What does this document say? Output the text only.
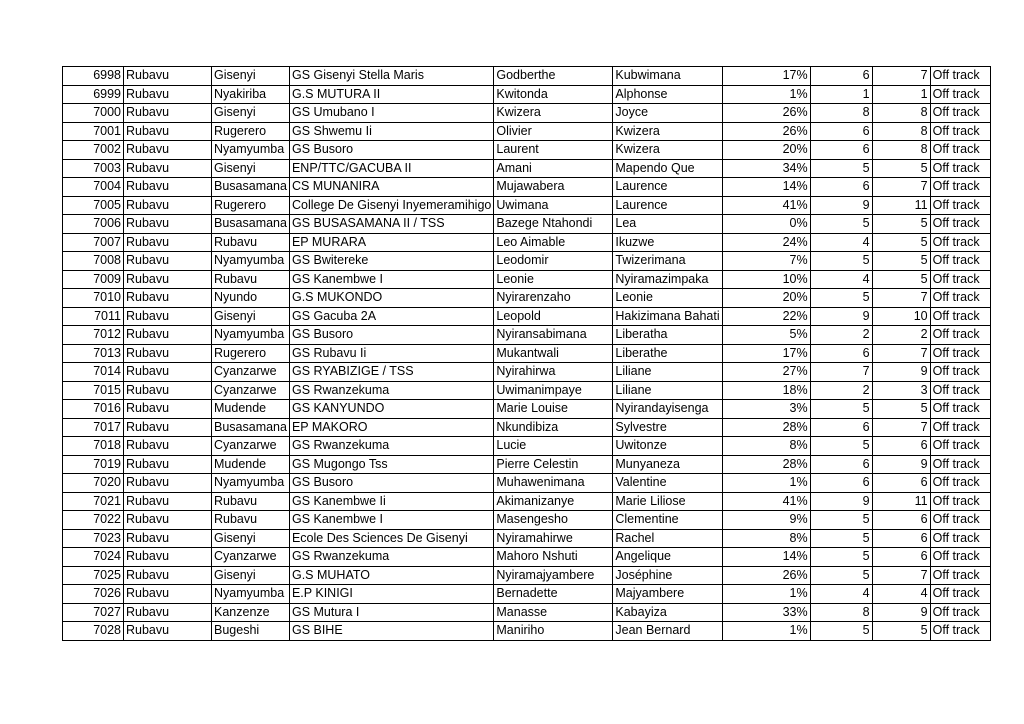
6998	Rubavu	Gisenyi	GS Gisenyi Stella Maris	Godberthe	Kubwimana	17%	6	7	Off track
6999	Rubavu	Nyakiriba	G.S MUTURA II	Kwitonda	Alphonse	1%	1	1	Off track
7000	Rubavu	Gisenyi	GS Umubano I	Kwizera	Joyce	26%	8	8	Off track
7001	Rubavu	Rugerero	GS Shwemu Ii	Olivier	Kwizera	26%	6	8	Off track
7002	Rubavu	Nyamyumba	GS Busoro	Laurent	Kwizera	20%	6	8	Off track
7003	Rubavu	Gisenyi	ENP/TTC/GACUBA II	Amani	Mapendo Que	34%	5	5	Off track
7004	Rubavu	Busasamana	CS MUNANIRA	Mujawabera	Laurence	14%	6	7	Off track
7005	Rubavu	Rugerero	College De Gisenyi Inyemeramihigo	Uwimana	Laurence	41%	9	11	Off track
7006	Rubavu	Busasamana	GS BUSASAMANA II / TSS	Bazege Ntahondi	Lea	0%	5	5	Off track
7007	Rubavu	Rubavu	EP MURARA	Leo Aimable	Ikuzwe	24%	4	5	Off track
7008	Rubavu	Nyamyumba	GS Bwitereke	Leodomir	Twizerimana	7%	5	5	Off track
7009	Rubavu	Rubavu	GS Kanembwe I	Leonie	Nyiramazimpaka	10%	4	5	Off track
7010	Rubavu	Nyundo	G.S MUKONDO	Nyirarenzaho	Leonie	20%	5	7	Off track
7011	Rubavu	Gisenyi	GS Gacuba 2A	Leopold	Hakizimana Bahati	22%	9	10	Off track
7012	Rubavu	Nyamyumba	GS Busoro	Nyiransabimana	Liberatha	5%	2	2	Off track
7013	Rubavu	Rugerero	GS Rubavu Ii	Mukantwali	Liberathe	17%	6	7	Off track
7014	Rubavu	Cyanzarwe	GS RYABIZIGE / TSS	Nyirahirwa	Liliane	27%	7	9	Off track
7015	Rubavu	Cyanzarwe	GS Rwanzekuma	Uwimanimpaye	Liliane	18%	2	3	Off track
7016	Rubavu	Mudende	GS KANYUNDO	Marie Louise	Nyirandayisenga	3%	5	5	Off track
7017	Rubavu	Busasamana	EP MAKORO	Nkundibiza	Sylvestre	28%	6	7	Off track
7018	Rubavu	Cyanzarwe	GS Rwanzekuma	Lucie	Uwitonze	8%	5	6	Off track
7019	Rubavu	Mudende	GS Mugongo Tss	Pierre Celestin	Munyaneza	28%	6	9	Off track
7020	Rubavu	Nyamyumba	GS Busoro	Muhawenimana	Valentine	1%	6	6	Off track
7021	Rubavu	Rubavu	GS Kanembwe Ii	Akimanizanye	Marie Liliose	41%	9	11	Off track
7022	Rubavu	Rubavu	GS Kanembwe I	Masengesho	Clementine	9%	5	6	Off track
7023	Rubavu	Gisenyi	Ecole Des Sciences De Gisenyi	Nyiramahirwe	Rachel	8%	5	6	Off track
7024	Rubavu	Cyanzarwe	GS Rwanzekuma	Mahoro Nshuti	Angelique	14%	5	6	Off track
7025	Rubavu	Gisenyi	G.S MUHATO	Nyiramajyambere	Joséphine	26%	5	7	Off track
7026	Rubavu	Nyamyumba	E.P KINIGI	Bernadette	Majyambere	1%	4	4	Off track
7027	Rubavu	Kanzenze	GS Mutura I	Manasse	Kabayiza	33%	8	9	Off track
7028	Rubavu	Bugeshi	GS BIHE	Maniriho	Jean Bernard	1%	5	5	Off track
